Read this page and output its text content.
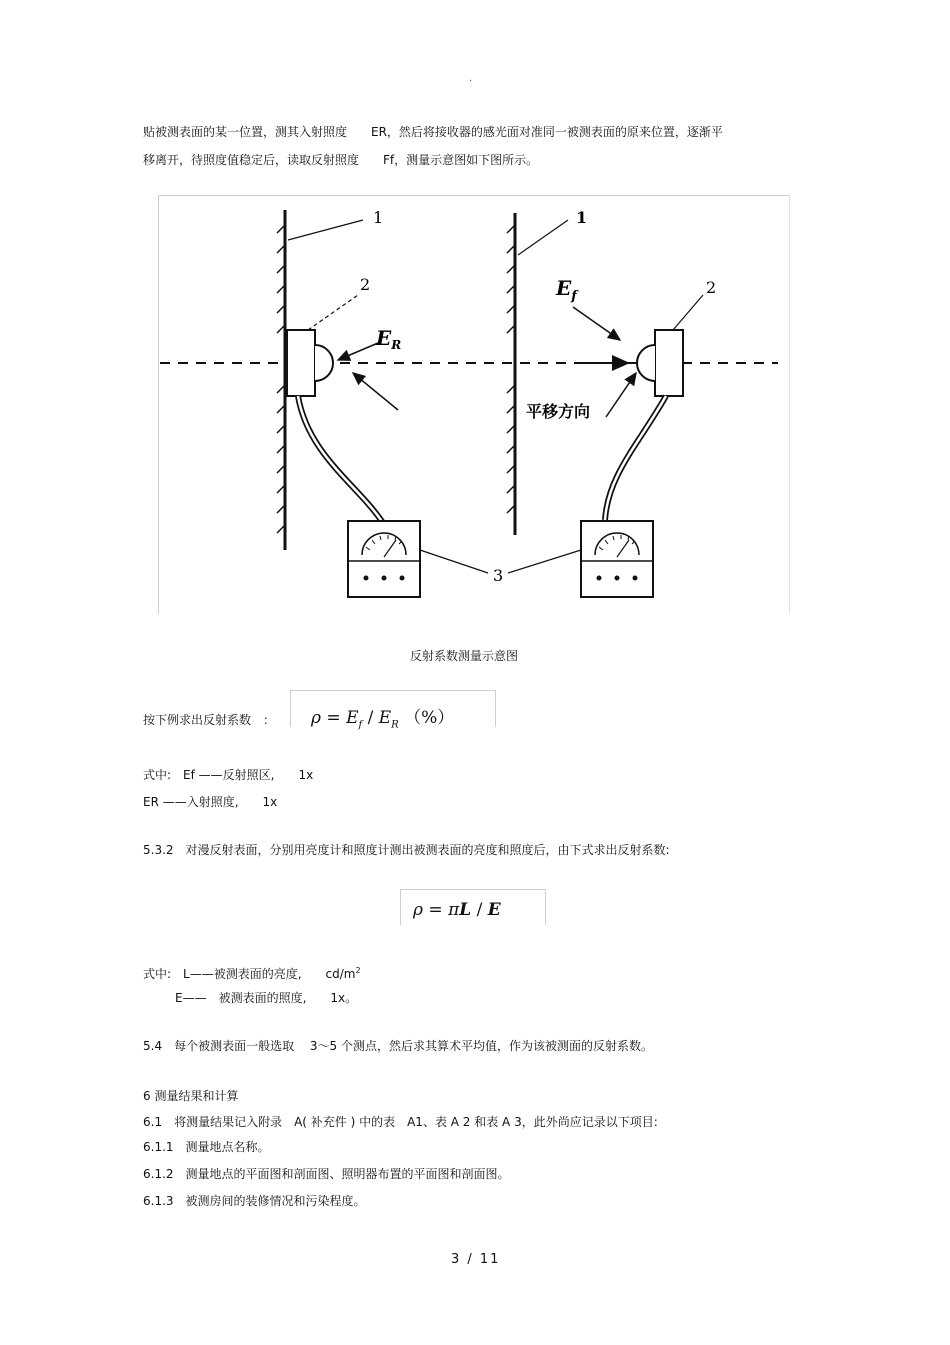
·
贴被测表面的某一位置，测其入射照度　　ER，然后将接收器的感光面对准同一被测表面的原来位置，逐渐平
移离开，待照度值稳定后，读取反射照度　　Ff，测量示意图如下图所示。
1	1
2	2
3
$E_R$
$E_f$
平移方向
反射系数测量示意图
按下例求出反射系数　： $\rho = E_f / E_R$ （%）
式中:　Ef ——反射照区,　　1x
ER ——入射照度,　　1x
5.3.2　对漫反射表面，分别用亮度计和照度计测出被测表面的亮度和照度后，由下式求出反射系数:
ρ = πL / E
式中:　L——被测表面的亮度,　　$cd/m^2$
E——　被测表面的照度,　　1x。
5.4　每个被测表面一般选取　 3～5 个测点，然后求其算术平均值，作为该被测面的反射系数。
6 测量结果和计算
6.1　将测量结果记入附录　A( 补充件 ) 中的表　A1、表 A 2 和表 A 3，此外尚应记录以下项目:
6.1.1　测量地点名称。
6.1.2　测量地点的平面图和剖面图、照明器布置的平面图和剖面图。
6.1.3　被测房间的装修情况和污染程度。
3 / 11
